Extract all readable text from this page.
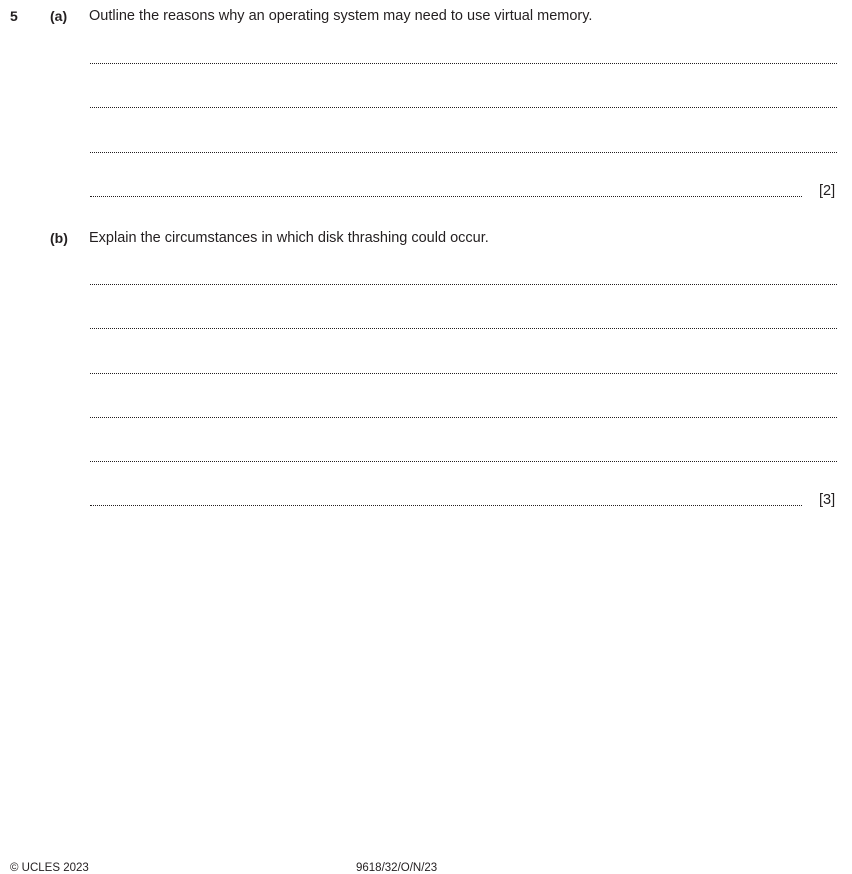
5 (a) Outline the reasons why an operating system may need to use virtual memory.
[2]
(b) Explain the circumstances in which disk thrashing could occur.
[3]
© UCLES 2023	9618/32/O/N/23
